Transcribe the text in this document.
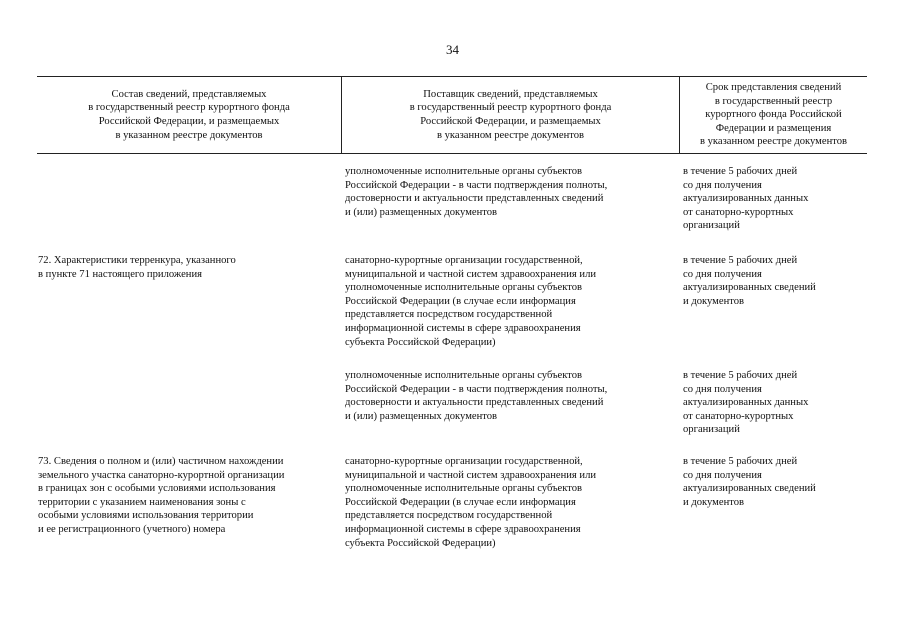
34
Состав сведений, представляемых
в государственный реестр курортного фонда
Российской Федерации, и размещаемых
в указанном реестре документов
Поставщик сведений, представляемых
в государственный реестр курортного фонда
Российской Федерации, и размещаемых
в указанном реестре документов
Срок представления сведений
в государственный реестр
курортного фонда Российской
Федерации и размещения
в указанном реестре документов
уполномоченные исполнительные органы субъектов
Российской Федерации - в части подтверждения полноты,
достоверности и актуальности представленных сведений
и (или) размещенных документов
в течение 5 рабочих дней
со дня получения
актуализированных данных
от санаторно-курортных
организаций
72. Характеристики терренкура, указанного
в пункте 71 настоящего приложения
санаторно-курортные организации государственной,
муниципальной и частной систем здравоохранения или
уполномоченные исполнительные органы субъектов
Российской Федерации (в случае если информация
представляется посредством государственной
информационной системы в сфере здравоохранения
субъекта Российской Федерации)
в течение 5 рабочих дней
со дня получения
актуализированных сведений
и документов
уполномоченные исполнительные органы субъектов
Российской Федерации - в части подтверждения полноты,
достоверности и актуальности представленных сведений
и (или) размещенных документов
в течение 5 рабочих дней
со дня получения
актуализированных данных
от санаторно-курортных
организаций
73. Сведения о полном и (или) частичном нахождении
земельного участка санаторно-курортной организации
в границах зон с особыми условиями использования
территории с указанием наименования зоны с
особыми условиями использования территории
и ее регистрационного (учетного) номера
санаторно-курортные организации государственной,
муниципальной и частной систем здравоохранения или
уполномоченные исполнительные органы субъектов
Российской Федерации (в случае если информация
представляется посредством государственной
информационной системы в сфере здравоохранения
субъекта Российской Федерации)
в течение 5 рабочих дней
со дня получения
актуализированных сведений
и документов
